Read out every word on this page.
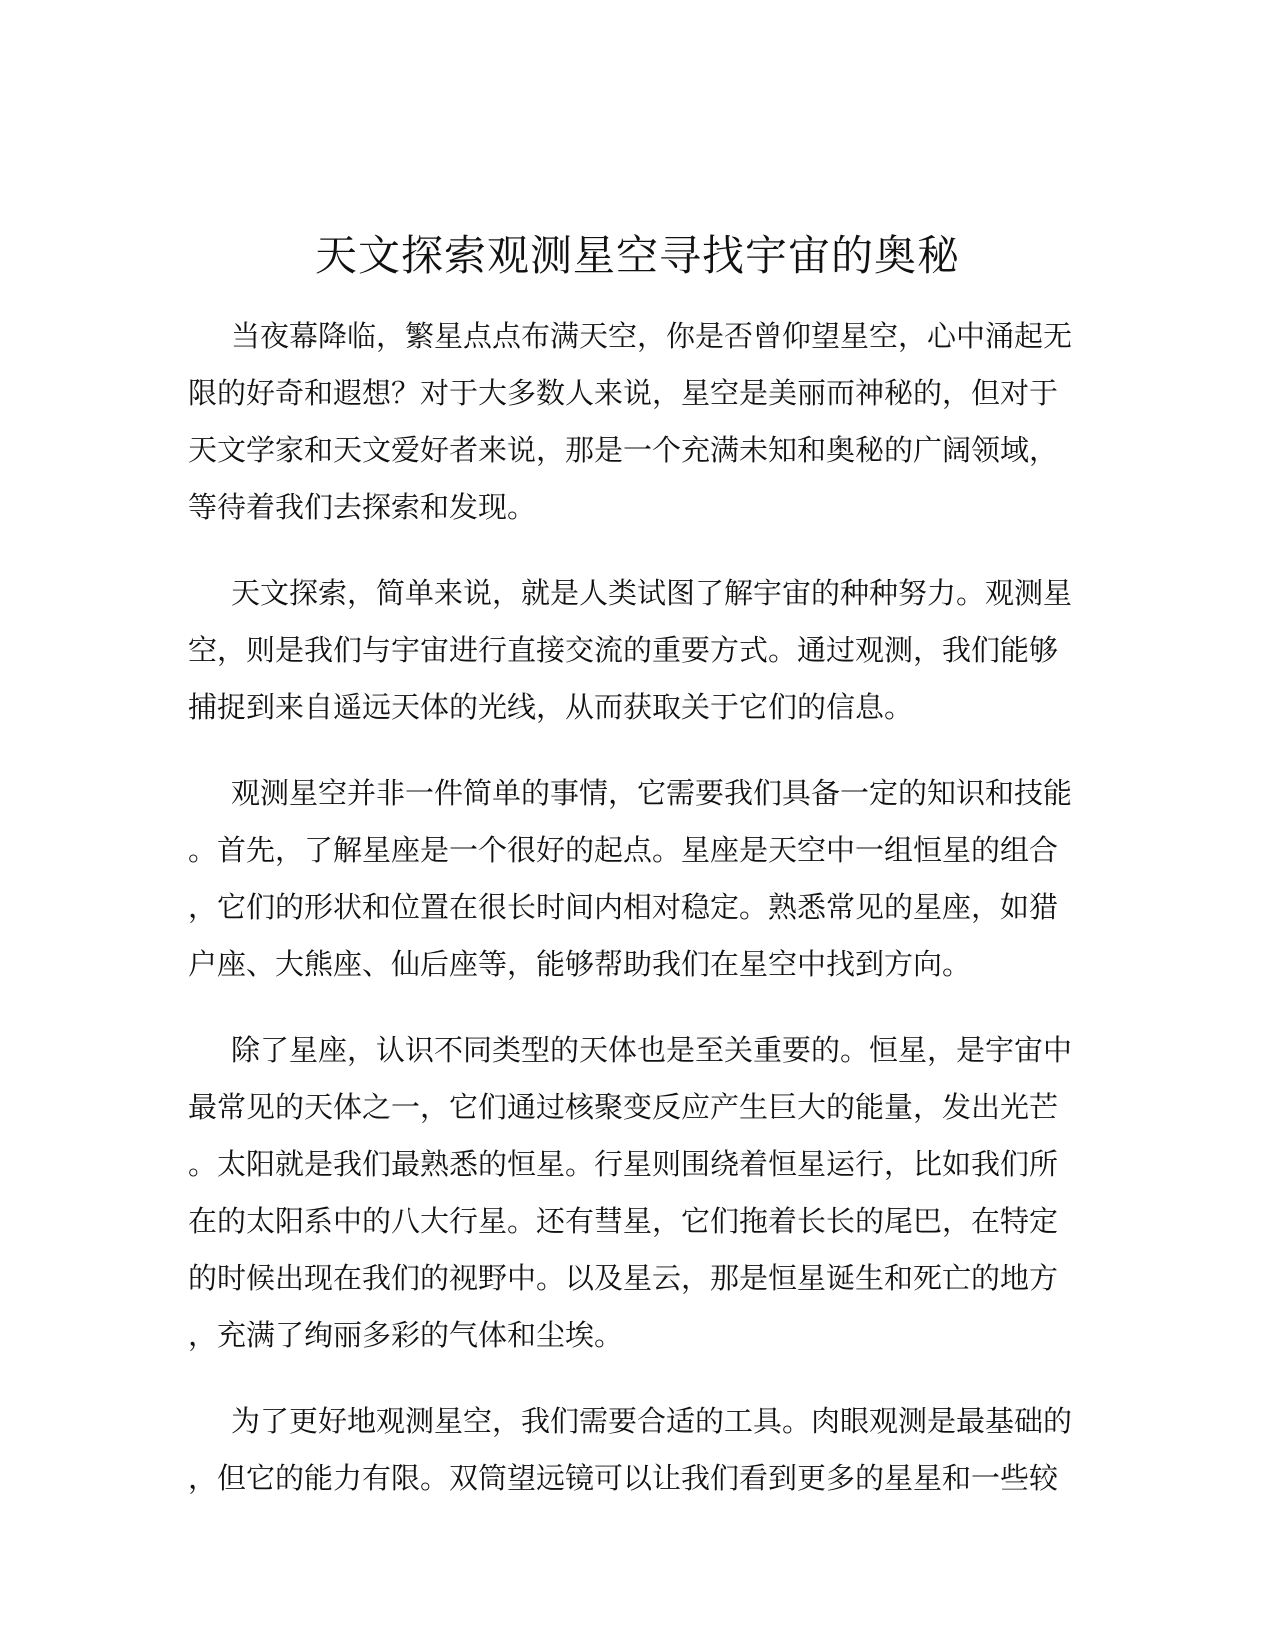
天文探索观测星空寻找宇宙的奥秘
当夜幕降临，繁星点点布满天空，你是否曾仰望星空，心中涌起无
限的好奇和遐想？对于大多数人来说，星空是美丽而神秘的，但对于
天文学家和天文爱好者来说，那是一个充满未知和奥秘的广阔领域，
等待着我们去探索和发现。
天文探索，简单来说，就是人类试图了解宇宙的种种努力。观测星
空，则是我们与宇宙进行直接交流的重要方式。通过观测，我们能够
捕捉到来自遥远天体的光线，从而获取关于它们的信息。
观测星空并非一件简单的事情，它需要我们具备一定的知识和技能
。首先，了解星座是一个很好的起点。星座是天空中一组恒星的组合
，它们的形状和位置在很长时间内相对稳定。熟悉常见的星座，如猎
户座、大熊座、仙后座等，能够帮助我们在星空中找到方向。
除了星座，认识不同类型的天体也是至关重要的。恒星，是宇宙中
最常见的天体之一，它们通过核聚变反应产生巨大的能量，发出光芒
。太阳就是我们最熟悉的恒星。行星则围绕着恒星运行，比如我们所
在的太阳系中的八大行星。还有彗星，它们拖着长长的尾巴，在特定
的时候出现在我们的视野中。以及星云，那是恒星诞生和死亡的地方
，充满了绚丽多彩的气体和尘埃。
为了更好地观测星空，我们需要合适的工具。肉眼观测是最基础的
，但它的能力有限。双筒望远镜可以让我们看到更多的星星和一些较
